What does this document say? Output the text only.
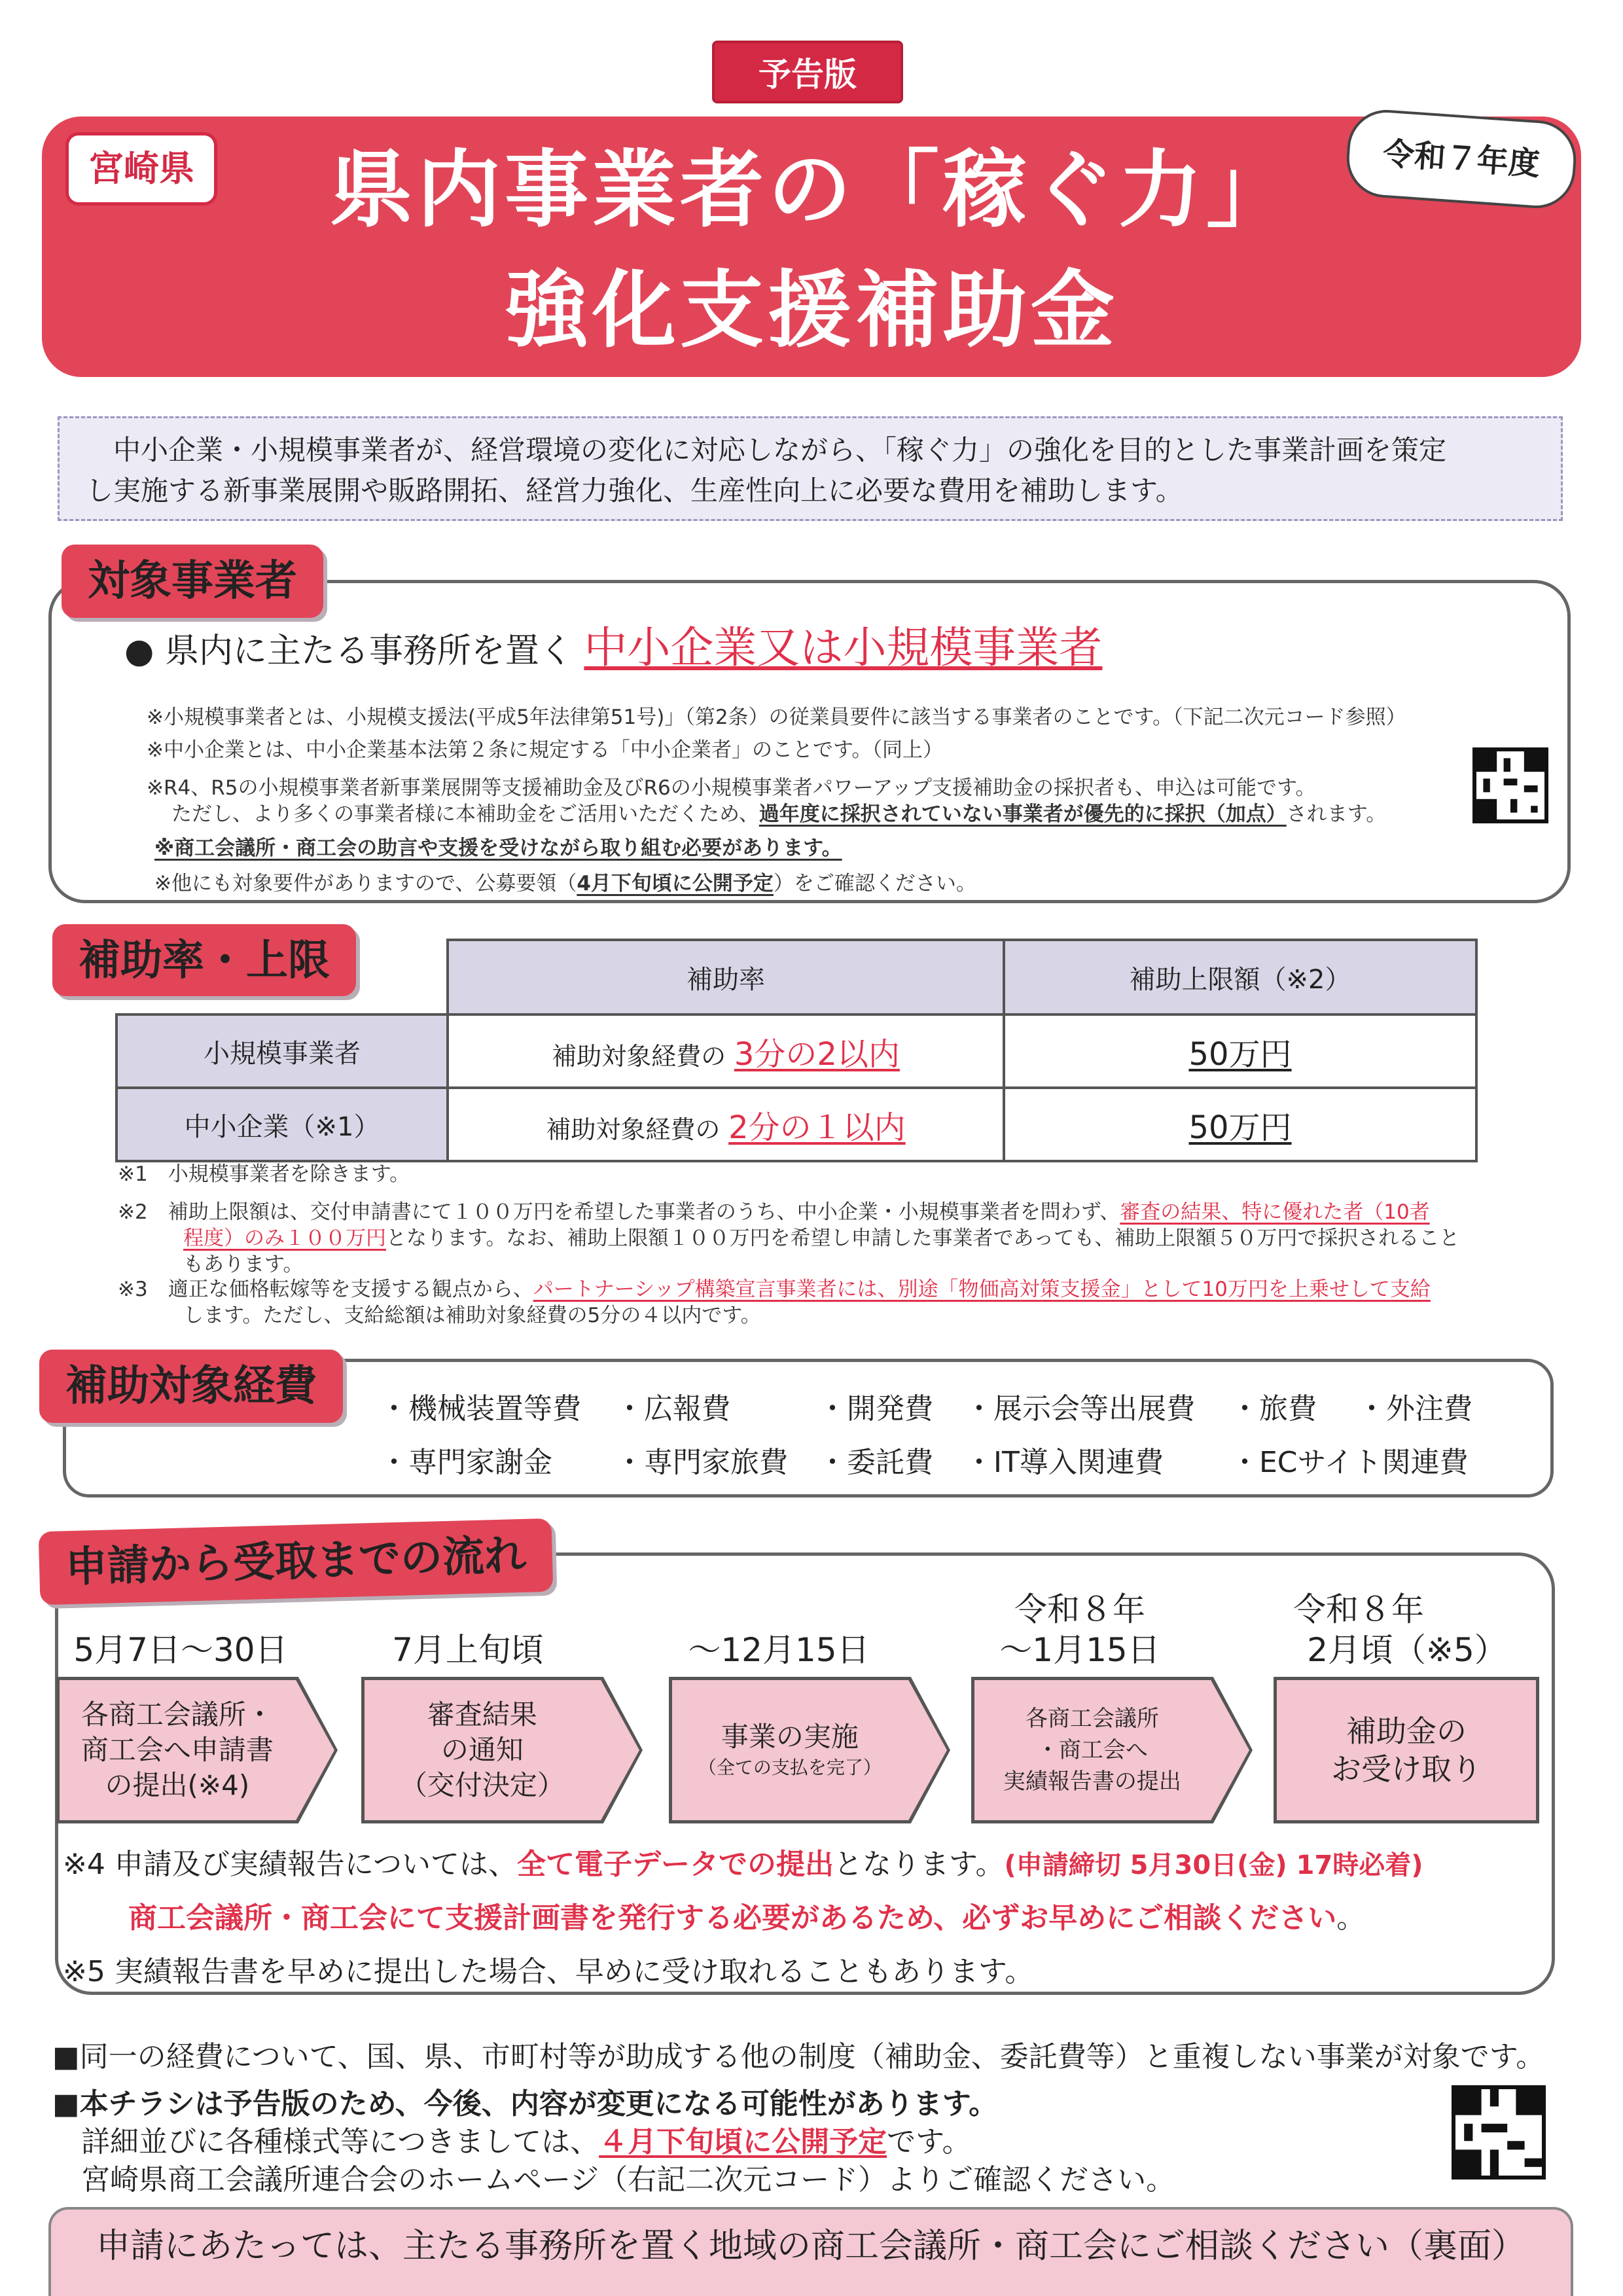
予告版
宮崎県	令和７年度
県内事業者の「稼ぐ力」
強化支援補助金
中小企業・小規模事業者が、経営環境の変化に対応しながら、「稼ぐ力」の強化を目的とした事業計画を策定
し実施する新事業展開や販路開拓、経営力強化、生産性向上に必要な費用を補助します。
対象事業者
● 県内に主たる事務所を置く 中小企業又は小規模事業者
※小規模事業者とは、小規模支援法(平成5年法律第51号)」（第2条）の従業員要件に該当する事業者のことです。（下記二次元コード参照）
※中小企業とは、中小企業基本法第２条に規定する「中小企業者」のことです。（同上）
※R4、R5の小規模事業者新事業展開等支援補助金及びR6の小規模事業者パワーアップ支援補助金の採択者も、申込は可能です。
ただし、より多くの事業者様に本補助金をご活用いただくため、過年度に採択されていない事業者が優先的に採択（加点）されます。
※商工会議所・商工会の助言や支援を受けながら取り組む必要があります。
※他にも対象要件がありますので、公募要領（4月下旬頃に公開予定）をご確認ください。
補助率・上限
		補助率	補助上限額（※2）
小規模事業者	補助対象経費の 3分の2以内	50万円
中小企業（※1）	補助対象経費の 2分の１以内	50万円
※1　小規模事業者を除きます。
※2　補助上限額は、交付申請書にて１００万円を希望した事業者のうち、中小企業・小規模事業者を問わず、審査の結果、特に優れた者（10者
程度）のみ１００万円となります。なお、補助上限額１００万円を希望し申請した事業者であっても、補助上限額５０万円で採択されること
もあります。
※3　適正な価格転嫁等を支援する観点から、パートナーシップ構築宣言事業者には、別途「物価高対策支援金」として10万円を上乗せして支給
します。ただし、支給総額は補助対象経費の5分の４以内です。
補助対象経費	・機械装置等費 ・広報費	・開発費 ・展示会等出展費 ・旅費 ・外注費
・専門家謝金 ・専門家旅費 ・委託費 ・IT導入関連費 ・ECサイト関連費
申請から受取までの流れ
5月7日～30日	7月上旬頃	～12月15日
令和８年
～1月15日
令和８年
2月頃（※5）
各商工会議所・
商工会へ申請書
の提出(※4)
審査結果
の通知
（交付決定）
事業の実施
（全ての支払を完了）
各商工会議所
・商工会へ
実績報告書の提出
補助金の
お受け取り
※4 申請及び実績報告については、全て電子データでの提出となります。(申請締切 5月30日(金) 17時必着)
商工会議所・商工会にて支援計画書を発行する必要があるため、必ずお早めにご相談ください。
※5 実績報告書を早めに提出した場合、早めに受け取れることもあります。
■同一の経費について、国、県、市町村等が助成する他の制度（補助金、委託費等）と重複しない事業が対象です。
■本チラシは予告版のため、今後、内容が変更になる可能性があります。
詳細並びに各種様式等につきましては、４月下旬頃に公開予定です。
宮崎県商工会議所連合会のホームページ（右記二次元コード）よりご確認ください。
申請にあたっては、主たる事務所を置く地域の商工会議所・商工会にご相談ください（裏面）
